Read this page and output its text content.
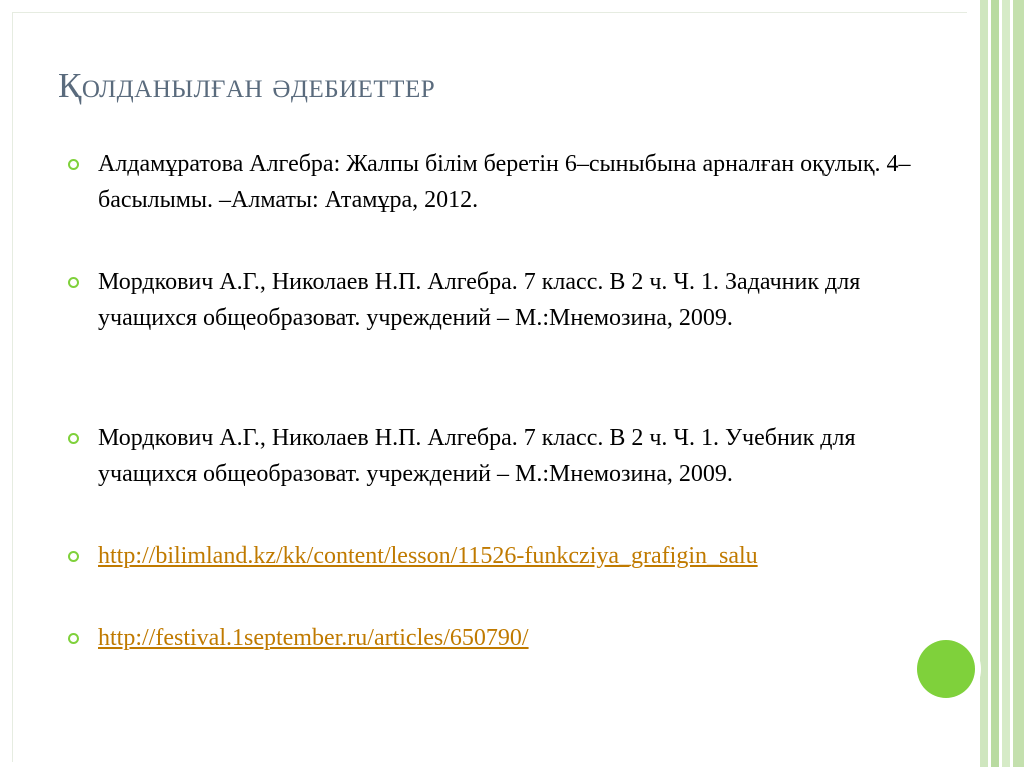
Қолданылған әдебиеттер
Алдамұратова Алгебра: Жалпы білім беретін 6–сыныбына арналған оқулық. 4–басылымы. –Алматы: Атамұра, 2012.
Мордкович А.Г., Николаев Н.П. Алгебра. 7 класс. В 2 ч. Ч. 1. Задачник для учащихся общеобразоват. учреждений – М.:Мнемозина, 2009.
Мордкович А.Г., Николаев Н.П. Алгебра. 7 класс. В 2 ч. Ч. 1. Учебник для учащихся общеобразоват. учреждений – М.:Мнемозина, 2009.
http://bilimland.kz/kk/content/lesson/11526-funkcziya_grafigin_salu
http://festival.1september.ru/articles/650790/
